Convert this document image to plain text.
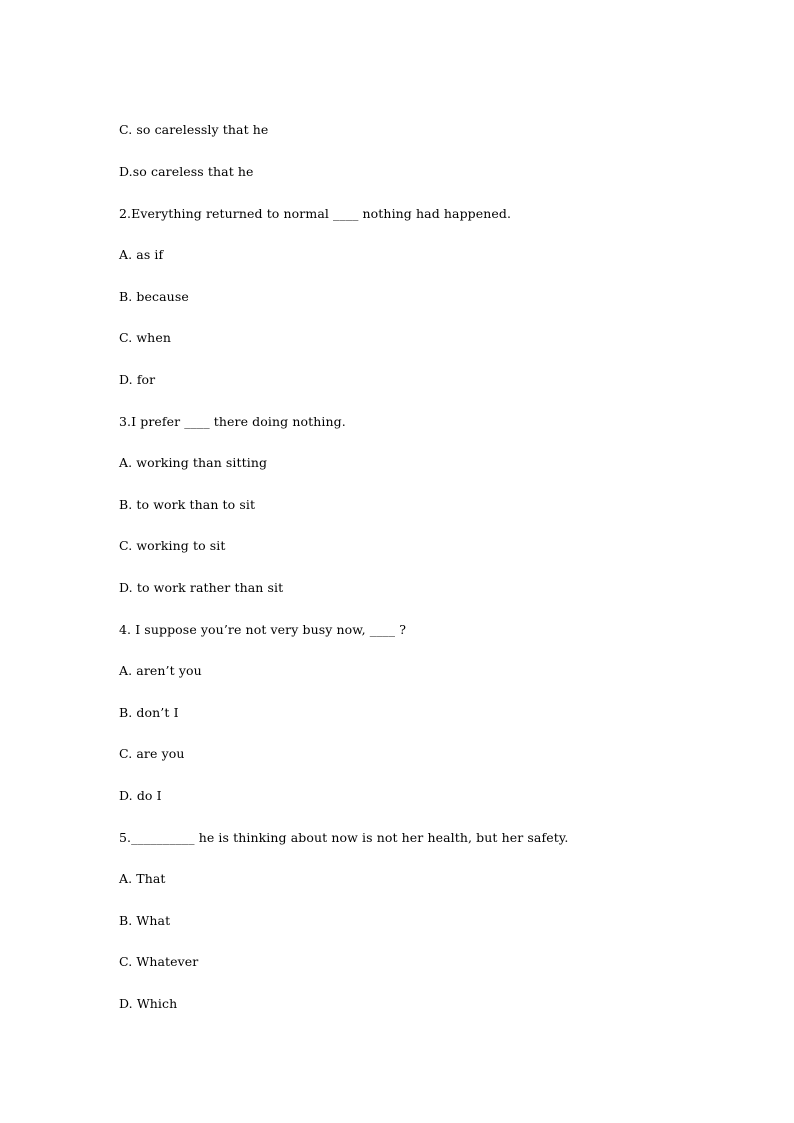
C. so carelessly that he

D.so careless that he

2.Everything returned to normal ____ nothing had happened.

A. as if

B. because

C. when

D. for

3.I prefer ____ there doing nothing.

A. working than sitting

B. to work than to sit

C. working to sit

D. to work rather than sit

4. I suppose you’re not very busy now, ____ ?

A. aren’t you

B. don’t I

C. are you

D. do I

5.__________ he is thinking about now is not her health, but her safety.

A. That

B. What

C. Whatever

D. Which
